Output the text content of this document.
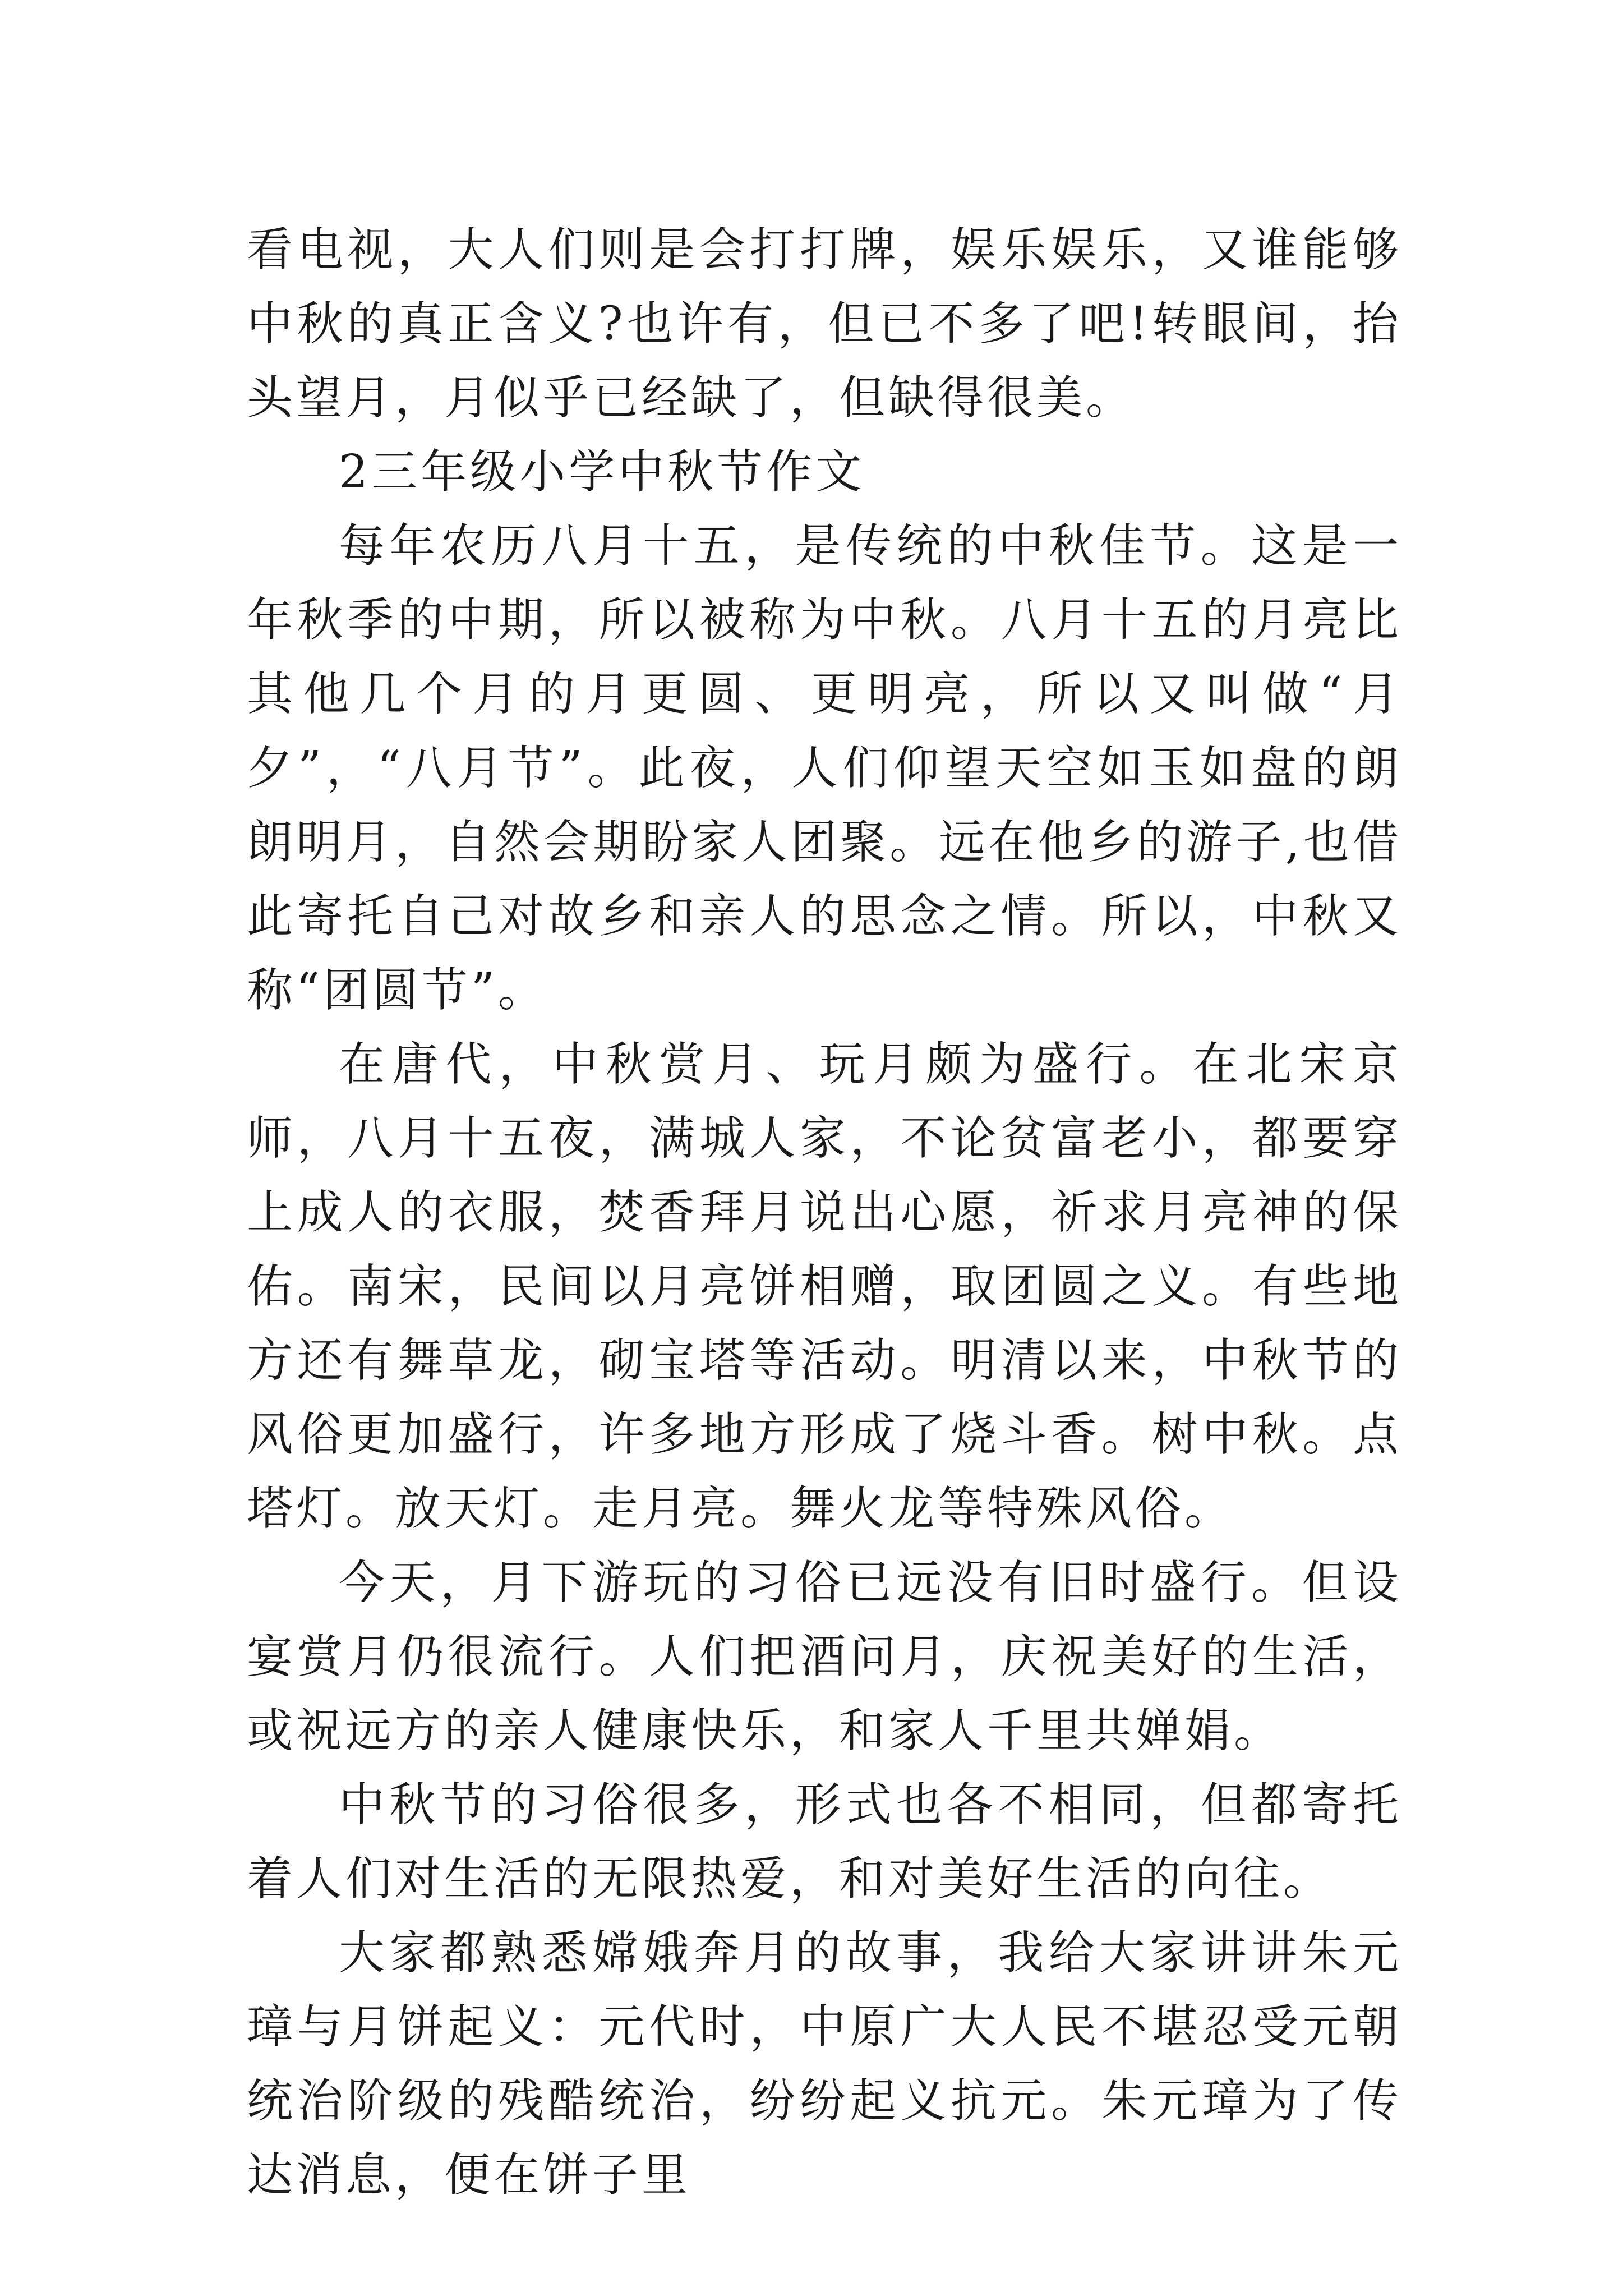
看电视，大人们则是会打打牌，娱乐娱乐，又谁能够中秋的真正含义?也许有，但已不多了吧!转眼间，抬头望月，月似乎已经缺了，但缺得很美。

2三年级小学中秋节作文

每年农历八月十五，是传统的中秋佳节。这是一年秋季的中期，所以被称为中秋。八月十五的月亮比其他几个月的月更圆、更明亮，所以又叫做“月夕”，“八月节”。此夜，人们仰望天空如玉如盘的朗朗明月，自然会期盼家人团聚。远在他乡的游子,也借此寄托自己对故乡和亲人的思念之情。所以，中秋又称“团圆节”。

在唐代，中秋赏月、玩月颇为盛行。在北宋京师，八月十五夜，满城人家，不论贫富老小，都要穿上成人的衣服，焚香拜月说出心愿，祈求月亮神的保佑。南宋，民间以月亮饼相赠，取团圆之义。有些地方还有舞草龙，砌宝塔等活动。明清以来，中秋节的风俗更加盛行，许多地方形成了烧斗香。树中秋。点塔灯。放天灯。走月亮。舞火龙等特殊风俗。

今天，月下游玩的习俗已远没有旧时盛行。但设宴赏月仍很流行。人们把酒问月，庆祝美好的生活，或祝远方的亲人健康快乐，和家人千里共婵娟。

中秋节的习俗很多，形式也各不相同，但都寄托着人们对生活的无限热爱，和对美好生活的向往。

大家都熟悉嫦娥奔月的故事，我给大家讲讲朱元璋与月饼起义：元代时，中原广大人民不堪忍受元朝统治阶级的残酷统治，纷纷起义抗元。朱元璋为了传达消息，便在饼子里
